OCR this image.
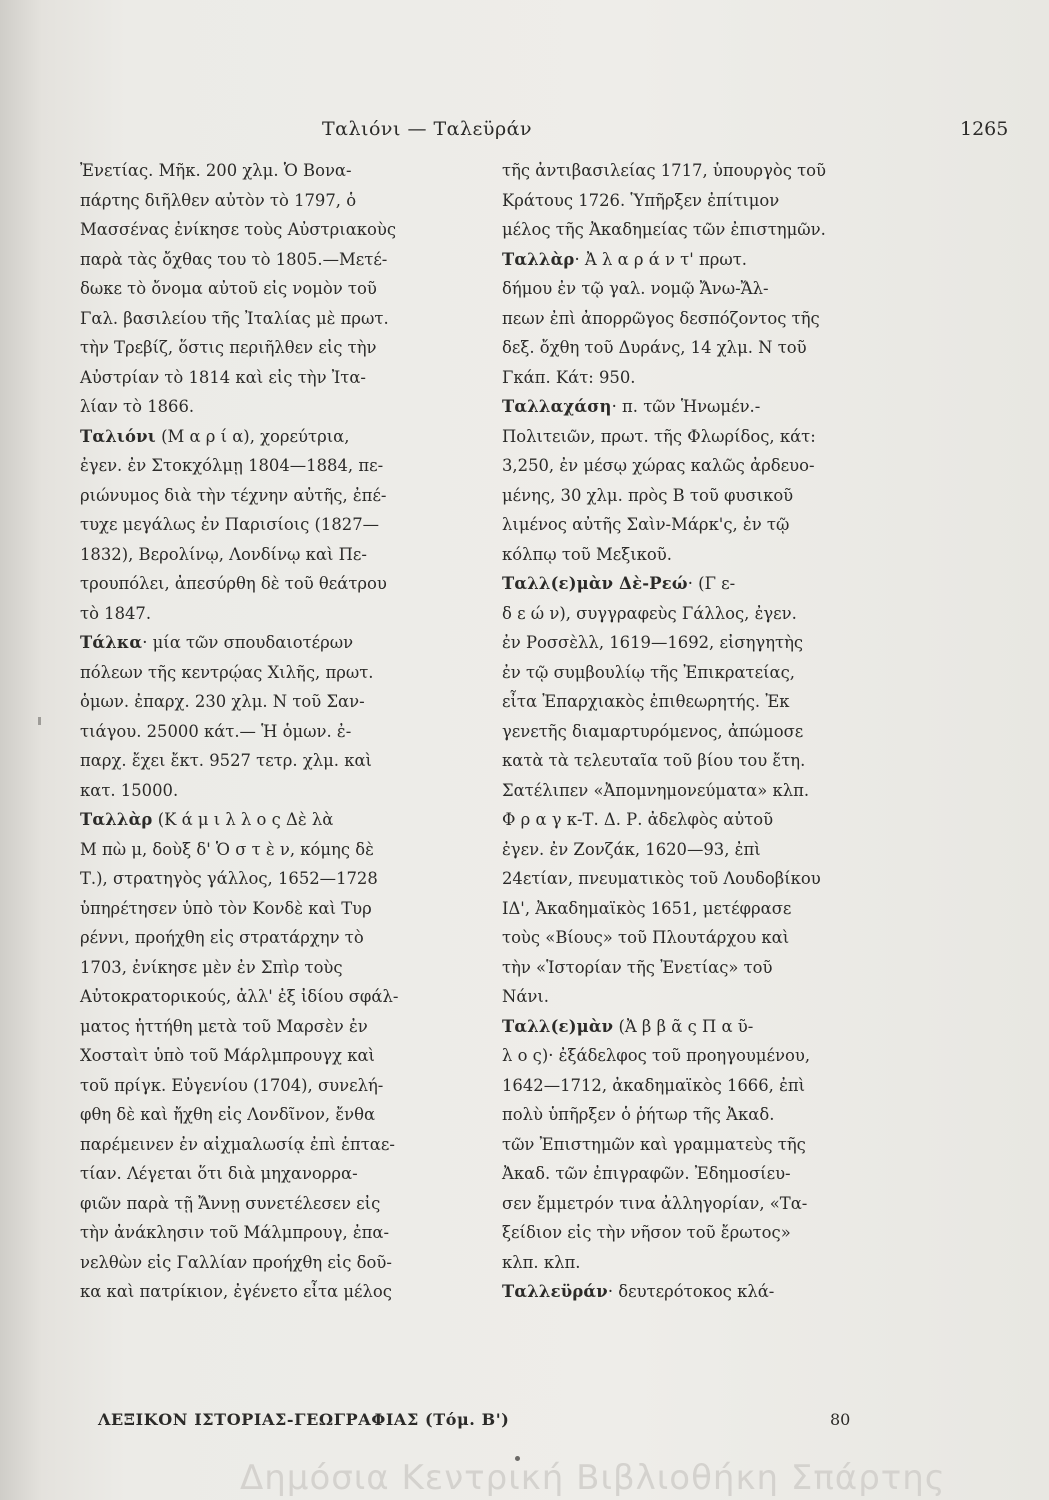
Ταλιόνι — Ταλεϋράν	1265
Ἐνετίας. Μῆκ. 200 χλμ. Ὁ Βονα-
πάρτης διῆλθεν αὐτὸν τὸ 1797, ὁ
Μασσένας ἐνίκησε τοὺς Αὐστριακοὺς
παρὰ τὰς ὄχθας του τὸ 1805.—Μετέ-
δωκε τὸ ὄνομα αὐτοῦ εἰς νομὸν τοῦ
Γαλ. βασιλείου τῆς Ἰταλίας μὲ πρωτ.
τὴν Τρεβίζ, ὅστις περιῆλθεν εἰς τὴν
Αὐστρίαν τὸ 1814 καὶ εἰς τὴν Ἰτα-
λίαν τὸ 1866.
Ταλιόνι (Μ α ρ ί α), χορεύτρια,
ἐγεν. ἐν Στοκχόλμῃ 1804—1884, πε-
ριώνυμος διὰ τὴν τέχνην αὐτῆς, ἐπέ-
τυχε μεγάλως ἐν Παρισίοις (1827—
1832), Βερολίνῳ, Λονδίνῳ καὶ Πε-
τρουπόλει, ἀπεσύρθη δὲ τοῦ θεάτρου
τὸ 1847.
Τάλκα· μία τῶν σπουδαιοτέρων
πόλεων τῆς κεντρῴας Χιλῆς, πρωτ.
ὁμων. ἐπαρχ. 230 χλμ. Ν τοῦ Σαν-
τιάγου. 25000 κάτ.— Ἡ ὁμων. ἐ-
παρχ. ἔχει ἔκτ. 9527 τετρ. χλμ. καὶ
κατ. 15000.
Ταλλὰρ (Κ ά μ ι λ λ ο ς Δὲ λὰ
Μ πὼ μ, δοὺξ δ' Ὁ σ τ ὲ ν, κόμης δὲ
Τ.), στρατηγὸς γάλλος, 1652—1728
ὑπηρέτησεν ὑπὸ τὸν Κονδὲ καὶ Τυρ
ρέννι, προήχθη εἰς στρατάρχην τὸ
1703, ἐνίκησε μὲν ἐν Σπὶρ τοὺς
Αὐτοκρατορικούς, ἀλλ' ἐξ ἰδίου σφάλ-
ματος ἡττήθη μετὰ τοῦ Μαρσὲν ἐν
Χοσταὶτ ὑπὸ τοῦ Μάρλμπρουγχ καὶ
τοῦ πρίγκ. Εὐγενίου (1704), συνελή-
φθη δὲ καὶ ἤχθη εἰς Λονδῖνον, ἔνθα
παρέμεινεν ἐν αἰχμαλωσίᾳ ἐπὶ ἑπταε-
τίαν. Λέγεται ὅτι διὰ μηχανορρα-
φιῶν παρὰ τῇ Ἄννῃ συνετέλεσεν εἰς
τὴν ἀνάκλησιν τοῦ Μάλμπρουγ, ἐπα-
νελθὼν εἰς Γαλλίαν προήχθη εἰς δοῦ-
κα καὶ πατρίκιον, ἐγένετο εἶτα μέλος
τῆς ἀντιβασιλείας 1717, ὑπουργὸς τοῦ
Κράτους 1726. Ὑπῆρξεν ἐπίτιμον
μέλος τῆς Ἀκαδημείας τῶν ἐπιστημῶν.
Ταλλὰρ· Ἀ λ α ρ ά ν τ' πρωτ.
δήμου ἐν τῷ γαλ. νομῷ Ἄνω-Ἄλ-
πεων ἐπὶ ἀπορρῶγος δεσπόζοντος τῆς
δεξ. ὄχθη τοῦ Δυράνς, 14 χλμ. Ν τοῦ
Γκάπ. Κάτ: 950.
Ταλλαχάση· π. τῶν Ἡνωμέν.-
Πολιτειῶν, πρωτ. τῆς Φλωρίδος, κάτ:
3,250, ἐν μέσῳ χώρας καλῶς ἀρδευο-
μένης, 30 χλμ. πρὸς Β τοῦ φυσικοῦ
λιμένος αὐτῆς Σαὶν-Μάρκ'ς, ἐν τῷ
κόλπῳ τοῦ Μεξικοῦ.
Ταλλ(ε)μὰν Δὲ-Ρεώ· (Γ ε-
δ ε ώ ν), συγγραφεὺς Γάλλος, ἐγεν.
ἐν Ροσσὲλλ, 1619—1692, εἰσηγητὴς
ἐν τῷ συμβουλίῳ τῆς Ἐπικρατείας,
εἶτα Ἐπαρχιακὸς ἐπιθεωρητής. Ἐκ
γενετῆς διαμαρτυρόμενος, ἀπώμοσε
κατὰ τὰ τελευταῖα τοῦ βίου του ἔτη.
Σατέλιπεν «Ἀπομνημονεύματα» κλπ.
Φ ρ α γ κ-Τ. Δ. Ρ. ἀδελφὸς αὐτοῦ
ἐγεν. ἐν Ζονζάκ, 1620—93, ἐπὶ
24ετίαν, πνευματικὸς τοῦ Λουδοβίκου
ΙΔ', Ἀκαδημαϊκὸς 1651, μετέφρασε
τοὺς «Βίους» τοῦ Πλουτάρχου καὶ
τὴν «Ἱστορίαν τῆς Ἐνετίας» τοῦ
Νάνι.
Ταλλ(ε)μὰν (Ἀ β β ᾶ ς Π α ῦ-
λ ο ς)· ἐξάδελφος τοῦ προηγουμένου,
1642—1712, ἀκαδημαϊκὸς 1666, ἐπὶ
πολὺ ὑπῆρξεν ὁ ῥήτωρ τῆς Ἀκαδ.
τῶν Ἐπιστημῶν καὶ γραμματεὺς τῆς
Ἀκαδ. τῶν ἐπιγραφῶν. Ἐδημοσίευ-
σεν ἔμμετρόν τινα ἀλληγορίαν, «Τα-
ξείδιον εἰς τὴν νῆσον τοῦ ἔρωτος»
κλπ. κλπ.
Ταλλεϋράν· δευτερότοκος κλά-
ΛΕΞΙΚΟΝ ΙΣΤΟΡΙΑΣ-ΓΕΩΓΡΑΦΙΑΣ (Τόμ. Β')	80
Δημόσια Κεντρική Βιβλιοθήκη Σπάρτης
